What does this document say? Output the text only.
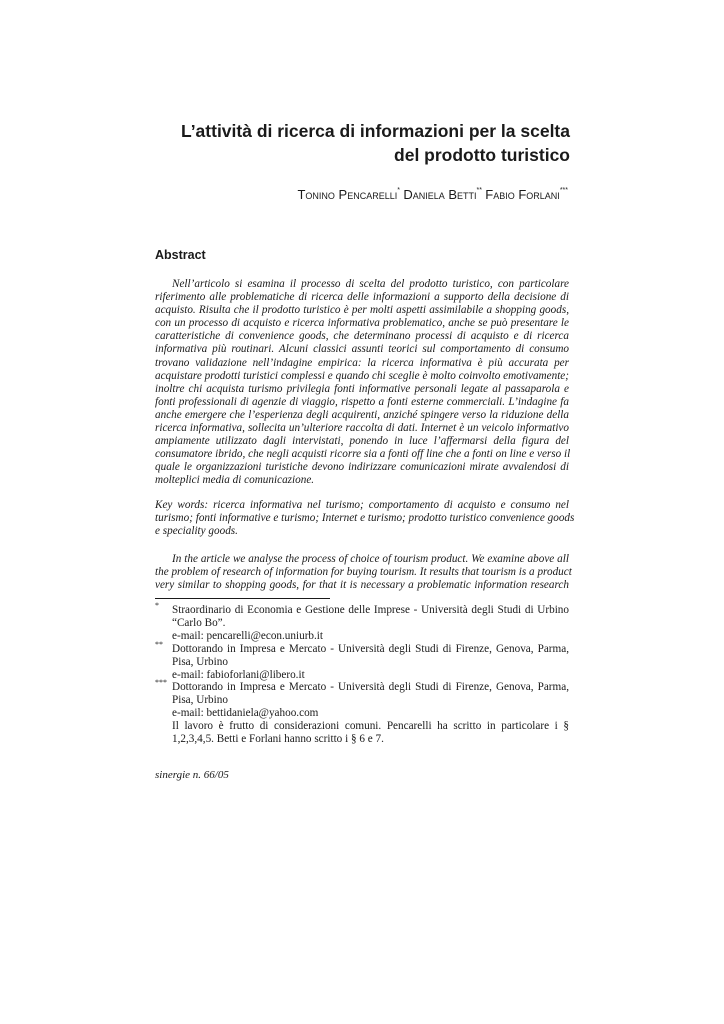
L’attività di ricerca di informazioni per la scelta
del prodotto turistico
Tonino Pencarelli* Daniela Betti** Fabio Forlani***
Abstract
Nell’articolo si esamina il processo di scelta del prodotto turistico, con particolare
riferimento alle problematiche di ricerca delle informazioni a supporto della decisione di
acquisto. Risulta che il prodotto turistico è per molti aspetti assimilabile a shopping goods,
con un processo di acquisto e ricerca informativa problematico, anche se può presentare le
caratteristiche di convenience goods, che determinano processi di acquisto e di ricerca
informativa più routinari. Alcuni classici assunti teorici sul comportamento di consumo
trovano validazione nell’indagine empirica: la ricerca informativa è più accurata per
acquistare prodotti turistici complessi e quando chi sceglie è molto coinvolto emotivamente;
inoltre chi acquista turismo privilegia fonti informative personali legate al passaparola e
fonti professionali di agenzie di viaggio, rispetto a fonti esterne commerciali. L’indagine fa
anche emergere che l’esperienza degli acquirenti, anziché spingere verso la riduzione della
ricerca informativa, sollecita un’ulteriore raccolta di dati. Internet è un veicolo informativo
ampiamente utilizzato dagli intervistati, ponendo in luce l’affermarsi della figura del
consumatore ibrido, che negli acquisti ricorre sia a fonti off line che a fonti on line e verso il
quale le organizzazioni turistiche devono indirizzare comunicazioni mirate avvalendosi di
molteplici media di comunicazione.
Key words: ricerca informativa nel turismo; comportamento di acquisto e consumo nel
turismo; fonti informative e turismo; Internet e turismo; prodotto turistico convenience goods
e speciality goods.
In the article we analyse the process of choice of tourism product. We examine above all
the problem of research of information for buying tourism. It results that tourism is a product
very similar to shopping goods, for that it is necessary a problematic information research
* Straordinario di Economia e Gestione delle Imprese - Università degli Studi di Urbino
“Carlo Bo”.
e-mail: pencarelli@econ.uniurb.it
** Dottorando in Impresa e Mercato - Università degli Studi di Firenze, Genova, Parma,
Pisa, Urbino
e-mail: fabioforlani@libero.it
*** Dottorando in Impresa e Mercato - Università degli Studi di Firenze, Genova, Parma,
Pisa, Urbino
e-mail: bettidaniela@yahoo.com
Il lavoro è frutto di considerazioni comuni. Pencarelli ha scritto in particolare i §
1,2,3,4,5. Betti e Forlani hanno scritto i § 6 e 7.
sinergie n. 66/05
